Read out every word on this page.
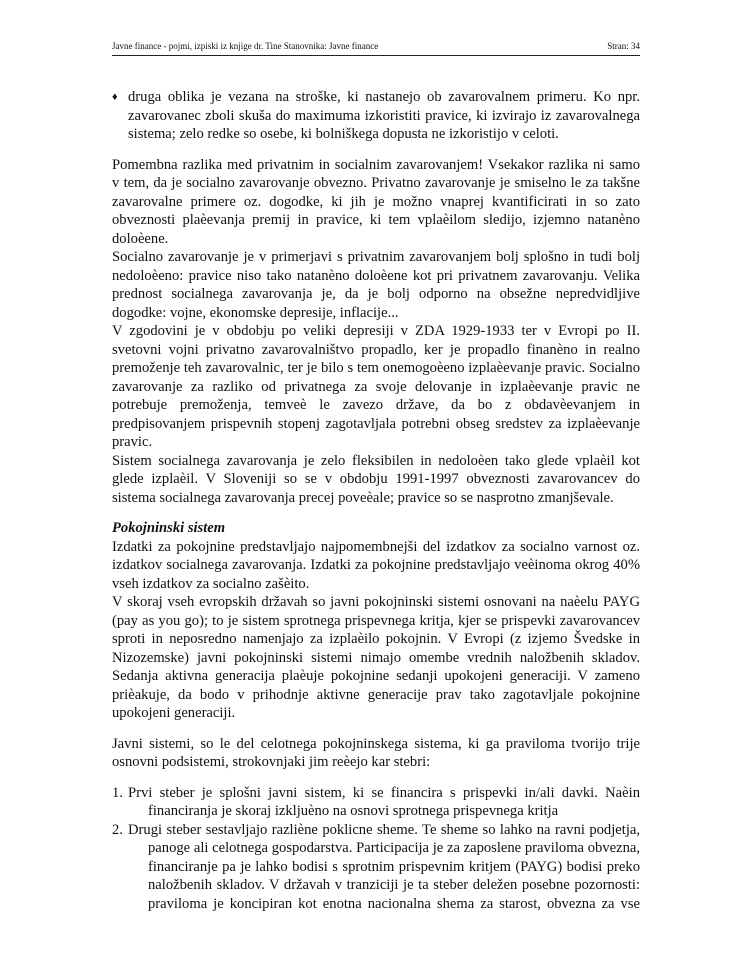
Javne finance - pojmi, izpiski iz knjige dr. Tine Stanovnika: Javne finance	Stran: 34
♦ druga oblika je vezana na stroške, ki nastanejo ob zavarovalnem primeru. Ko npr.
zavarovanec zboli skuša do maximuma izkoristiti pravice, ki izvirajo iz zavarovalnega
sistema; zelo redke so osebe, ki bolniškega dopusta ne izkoristijo v celoti.
Pomembna razlika med privatnim in socialnim zavarovanjem! Vsekakor razlika ni samo
v tem, da je socialno zavarovanje obvezno. Privatno zavarovanje je smiselno le za takšne
zavarovalne primere oz. dogodke, ki jih je možno vnaprej kvantificirati in so zato
obveznosti plaèevanja premij in pravice, ki tem vplaèilom sledijo, izjemno natanèno
doloèene.
Socialno zavarovanje je v primerjavi s privatnim zavarovanjem bolj splošno in tudi bolj
nedoloèeno: pravice niso tako natanèno doloèene kot pri privatnem zavarovanju. Velika
prednost socialnega zavarovanja je, da je bolj odporno na obsežne nepredvidljive
dogodke: vojne, ekonomske depresije, inflacije...
V zgodovini je v obdobju po veliki depresiji v ZDA 1929-1933 ter v Evropi po II.
svetovni vojni privatno zavarovalništvo propadlo, ker je propadlo finanèno in realno
premoženje teh zavarovalnic, ter je bilo s tem onemogoèeno izplaèevanje pravic. Socialno
zavarovanje za razliko od privatnega za svoje delovanje in izplaèevanje pravic ne
potrebuje premoženja, temveè le zavezo države, da bo z obdavèevanjem in
predpisovanjem prispevnih stopenj zagotavljala potrebni obseg sredstev za izplaèevanje
pravic.
Sistem socialnega zavarovanja je zelo fleksibilen in nedoloèen tako glede vplaèil kot
glede izplaèil. V Sloveniji so se v obdobju 1991-1997 obveznosti zavarovancev do
sistema socialnega zavarovanja precej poveèale; pravice so se nasprotno zmanjševale.
Pokojninski sistem
Izdatki za pokojnine predstavljajo najpomembnejši del izdatkov za socialno varnost oz.
izdatkov socialnega zavarovanja. Izdatki za pokojnine predstavljajo veèinoma okrog 40%
vseh izdatkov za socialno zašèito.
V skoraj vseh evropskih državah so javni pokojninski sistemi osnovani na naèelu PAYG
(pay as you go); to je sistem sprotnega prispevnega kritja, kjer se prispevki zavarovancev
sproti in neposredno namenjajo za izplaèilo pokojnin. V Evropi (z izjemo Švedske in
Nizozemske) javni pokojninski sistemi nimajo omembe vrednih naložbenih skladov.
Sedanja aktivna generacija plaèuje pokojnine sedanji upokojeni generaciji. V zameno
prièakuje, da bodo v prihodnje aktivne generacije prav tako zagotavljale pokojnine
upokojeni generaciji.
Javni sistemi, so le del celotnega pokojninskega sistema, ki ga praviloma tvorijo trije
osnovni podsistemi, strokovnjaki jim reèejo kar stebri:
1. Prvi steber je splošni javni sistem, ki se financira s prispevki in/ali davki. Naèin
financiranja je skoraj izkljuèno na osnovi sprotnega prispevnega kritja
2. Drugi steber sestavljajo razliène poklicne sheme. Te sheme so lahko na ravni podjetja,
panoge ali celotnega gospodarstva. Participacija je za zaposlene praviloma obvezna,
financiranje pa je lahko bodisi s sprotnim prispevnim kritjem (PAYG) bodisi preko
naložbenih skladov. V državah v tranziciji je ta steber deležen posebne pozornosti:
praviloma je koncipiran kot enotna nacionalna shema za starost, obvezna za vse
